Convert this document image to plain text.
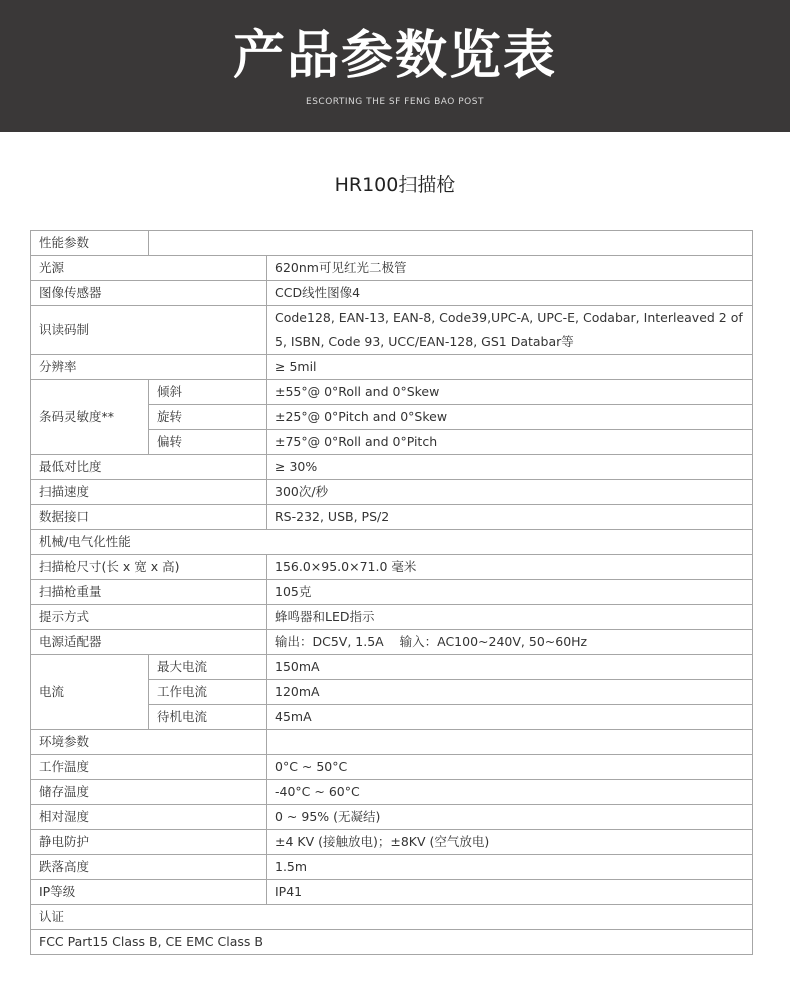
产品参数览表
ESCORTING THE SF FENG BAO POST
HR100扫描枪
性能参数		
光源		620nm可见红光二极管
图像传感器		CCD线性图像4
识读码制		Code128, EAN-13, EAN-8, Code39,UPC-A, UPC-E, Codabar, Interleaved 2 of 5, ISBN, Code 93, UCC/EAN-128, GS1 Databar等
分辨率		≥ 5mil
条码灵敏度**	倾斜	±55°@ 0°Roll and 0°Skew
	旋转	±25°@ 0°Pitch and 0°Skew
	偏转	±75°@ 0°Roll and 0°Pitch
最低对比度		≥ 30%
扫描速度		300次/秒
数据接口		RS-232, USB, PS/2
机械/电气化性能		
扫描枪尺寸(长 x 宽 x 高)		156.0×95.0×71.0 毫米
扫描枪重量		105克
提示方式		蜂鸣器和LED指示
电源适配器		输出：DC5V, 1.5A    输入：AC100~240V, 50~60Hz
电流	最大电流	150mA
	工作电流	120mA
	待机电流	45mA
环境参数		
工作温度		0°C ~ 50°C
储存温度		-40°C ~ 60°C
相对湿度		0 ~ 95% (无凝结)
静电防护		±4 KV (接触放电)；±8KV (空气放电)
跌落高度		1.5m
IP等级		IP41
认证		
FCC Part15 Class B, CE EMC Class B		
